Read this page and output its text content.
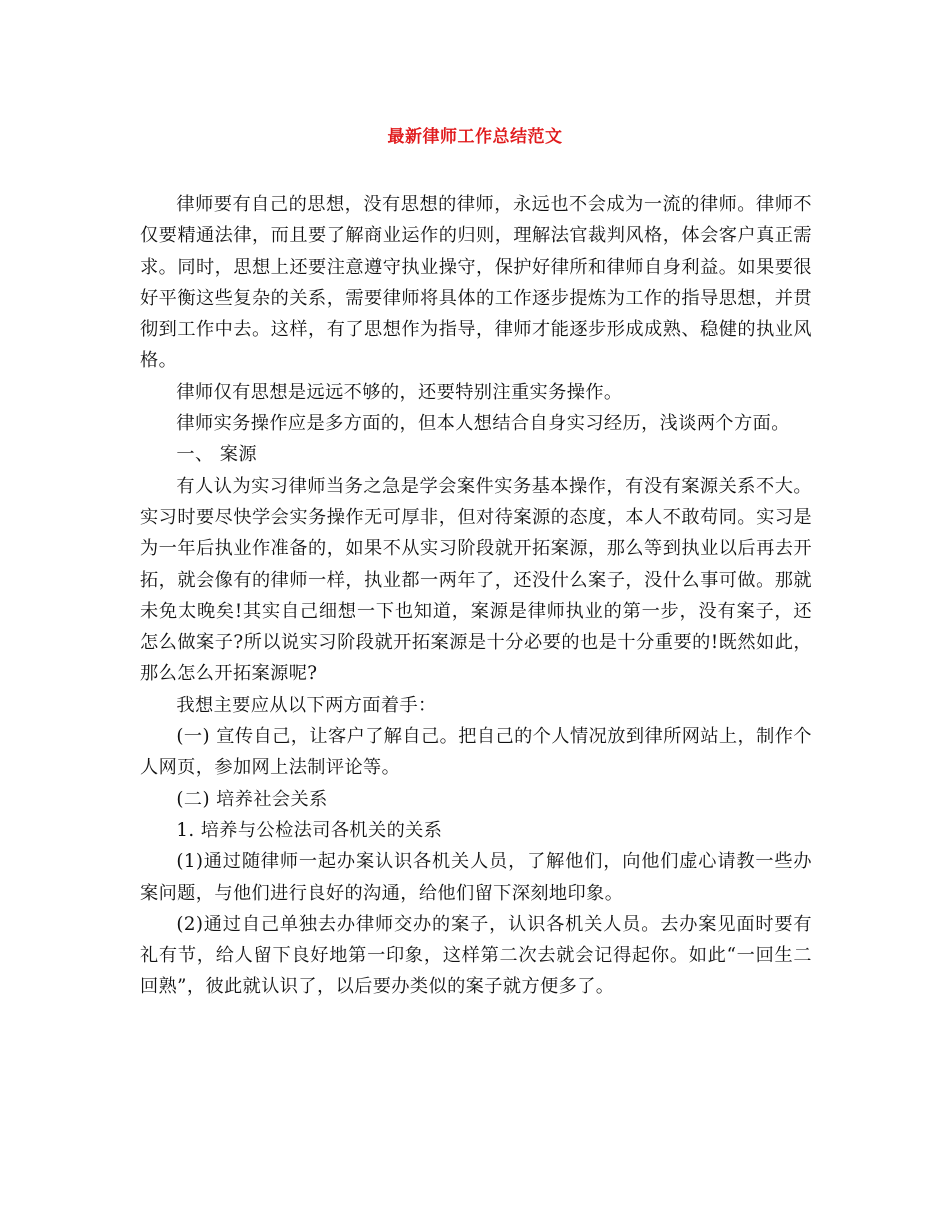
最新律师工作总结范文

律师要有自己的思想，没有思想的律师，永远也不会成为一流的律师。律师不仅要精通法律，而且要了解商业运作的归则，理解法官裁判风格，体会客户真正需求。同时，思想上还要注意遵守执业操守，保护好律所和律师自身利益。如果要很好平衡这些复杂的关系，需要律师将具体的工作逐步提炼为工作的指导思想，并贯彻到工作中去。这样，有了思想作为指导，律师才能逐步形成成熟、稳健的执业风格。

律师仅有思想是远远不够的，还要特别注重实务操作。

律师实务操作应是多方面的，但本人想结合自身实习经历，浅谈两个方面。

一、 案源

有人认为实习律师当务之急是学会案件实务基本操作，有没有案源关系不大。实习时要尽快学会实务操作无可厚非，但对待案源的态度，本人不敢苟同。实习是为一年后执业作准备的，如果不从实习阶段就开拓案源，那么等到执业以后再去开拓，就会像有的律师一样，执业都一两年了，还没什么案子，没什么事可做。那就未免太晚矣!其实自己细想一下也知道，案源是律师执业的第一步，没有案子，还怎么做案子?所以说实习阶段就开拓案源是十分必要的也是十分重要的!既然如此，那么怎么开拓案源呢?

我想主要应从以下两方面着手：

(一) 宣传自己，让客户了解自己。把自己的个人情况放到律所网站上，制作个人网页，参加网上法制评论等。

(二) 培养社会关系

1. 培养与公检法司各机关的关系

(1)通过随律师一起办案认识各机关人员，了解他们，向他们虚心请教一些办案问题，与他们进行良好的沟通，给他们留下深刻地印象。

(2)通过自己单独去办律师交办的案子，认识各机关人员。去办案见面时要有礼有节，给人留下良好地第一印象，这样第二次去就会记得起你。如此“一回生二回熟”，彼此就认识了，以后要办类似的案子就方便多了。
